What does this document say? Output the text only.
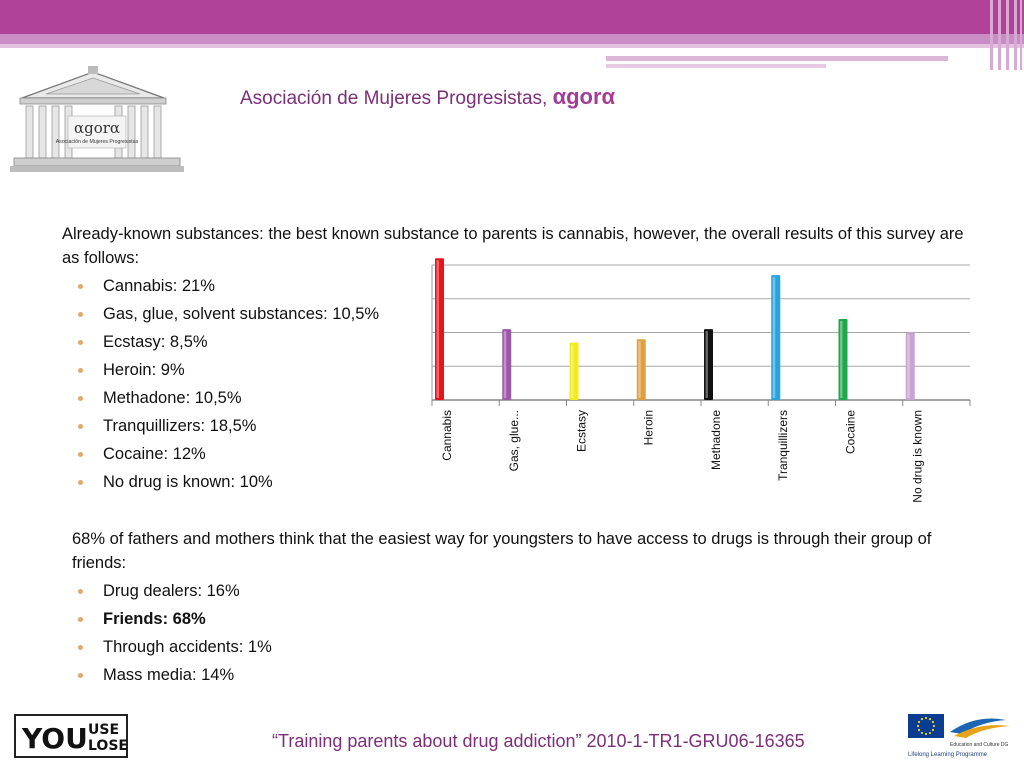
αgorα
Asociación de Mujeres Progresistas
Asociación de Mujeres Progresistas, αgorα
Already-known substances: the best known substance to parents is cannabis, however, the overall results of this survey are as follows:
Cannabis: 21%
Gas, glue, solvent substances: 10,5%
Ecstasy: 8,5%
Heroin: 9%
Methadone: 10,5%
Tranquillizers: 18,5%
Cocaine: 12%
No drug is known: 10%
Cannabis	Gas, glue...	Ecstasy	Heroin	Methadone	Tranquillizers	Cocaine	No drug is known
68% of fathers and mothers think that the easiest way for youngsters to have access to drugs is through their group of friends:
Drug dealers: 16%
Friends: 68%
Through accidents: 1%
Mass media: 14%
YOU USE
LOSE	“Training parents about drug addiction” 2010-1-TR1-GRU06-16365	Education and Culture DG
Lifelong Learning Programme
